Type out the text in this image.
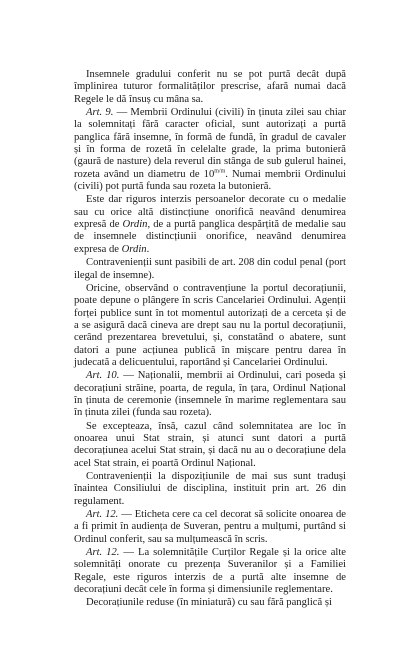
Insemnele gradului conferit nu se pot purtă decât după împlinirea tuturor formalităților prescrise, afară numai dacă Regele le dă însuș cu mâna sa.

Art. 9. — Membrii Ordinului (civili) în ținuta zilei sau chiar la solemnitați fără caracter oficial, sunt autorizați a purtă panglica fără insemne, în formă de fundă, în gradul de cavaler și în forma de rozetă în celelalte grade, la prima butonieră (gaură de nasture) dela reverul din stânga de sub gulerul hainei, rozeta având un diametru de $10^{m/m}$. Numai membrii Ordinului (civili) pot purtă funda sau rozeta la butonieră.

Este dar riguros interzis persoanelor decorate cu o medalie sau cu orice altă distincțiune onorifică neavând denumirea expresă de Ordin, de a purtă panglica despărțită de medalie sau de insemnele distincțiunii onorifice, neavând denumirea expresa de Ordin.

Contravenienții sunt pasibili de art. 208 din codul penal (port ilegal de insemne).

Oricine, observând o contravențiune la portul decorațiunii, poate depune o plângere în scris Cancelariei Ordinului. Agenții forței publice sunt în tot momentul autorizați de a cerceta și de a se asigură dacă cineva are drept sau nu la portul decorațiunii, cerând prezentarea brevetului, și, constatând o abatere, sunt datori a pune acțiunea publică în mișcare pentru darea în judecată a delicuentului, raportând și Cancelariei Ordinului.

Art. 10. — Naționalii, membrii ai Ordinului, cari poseda și decorațiuni străine, poarta, de regula, în țara, Ordinul Național în ținuta de ceremonie (insemnele în marime reglementara sau în ținuta zilei (funda sau rozeta).

Se excepteaza, însă, cazul când solemnitatea are loc în onoarea unui Stat strain, și atunci sunt datori a purtă decorațiunea acelui Stat strain, și dacă nu au o decorațiune dela acel Stat strain, ei poartă Ordinul Național.

Contravenienții la dispozițiunile de mai sus sunt traduși înaintea Consiliului de disciplina, instituit prin art. 26 din regulament.

Art. 12. — Eticheta cere ca cel decorat să solicite onoarea de a fi primit în audiența de Suveran, pentru a mulțumi, purtând si Ordinul conferit, sau sa mulțumească în scris.

Art. 12. — La solemnitățile Curților Regale și la orice alte solemnități onorate cu prezența Suveranilor și a Familiei Regale, este riguros interzis de a purtă alte insemne de decorațiuni decât cele în forma și dimensiunile reglementare.

Decorațiunile reduse (în miniatură) cu sau fără panglică și
